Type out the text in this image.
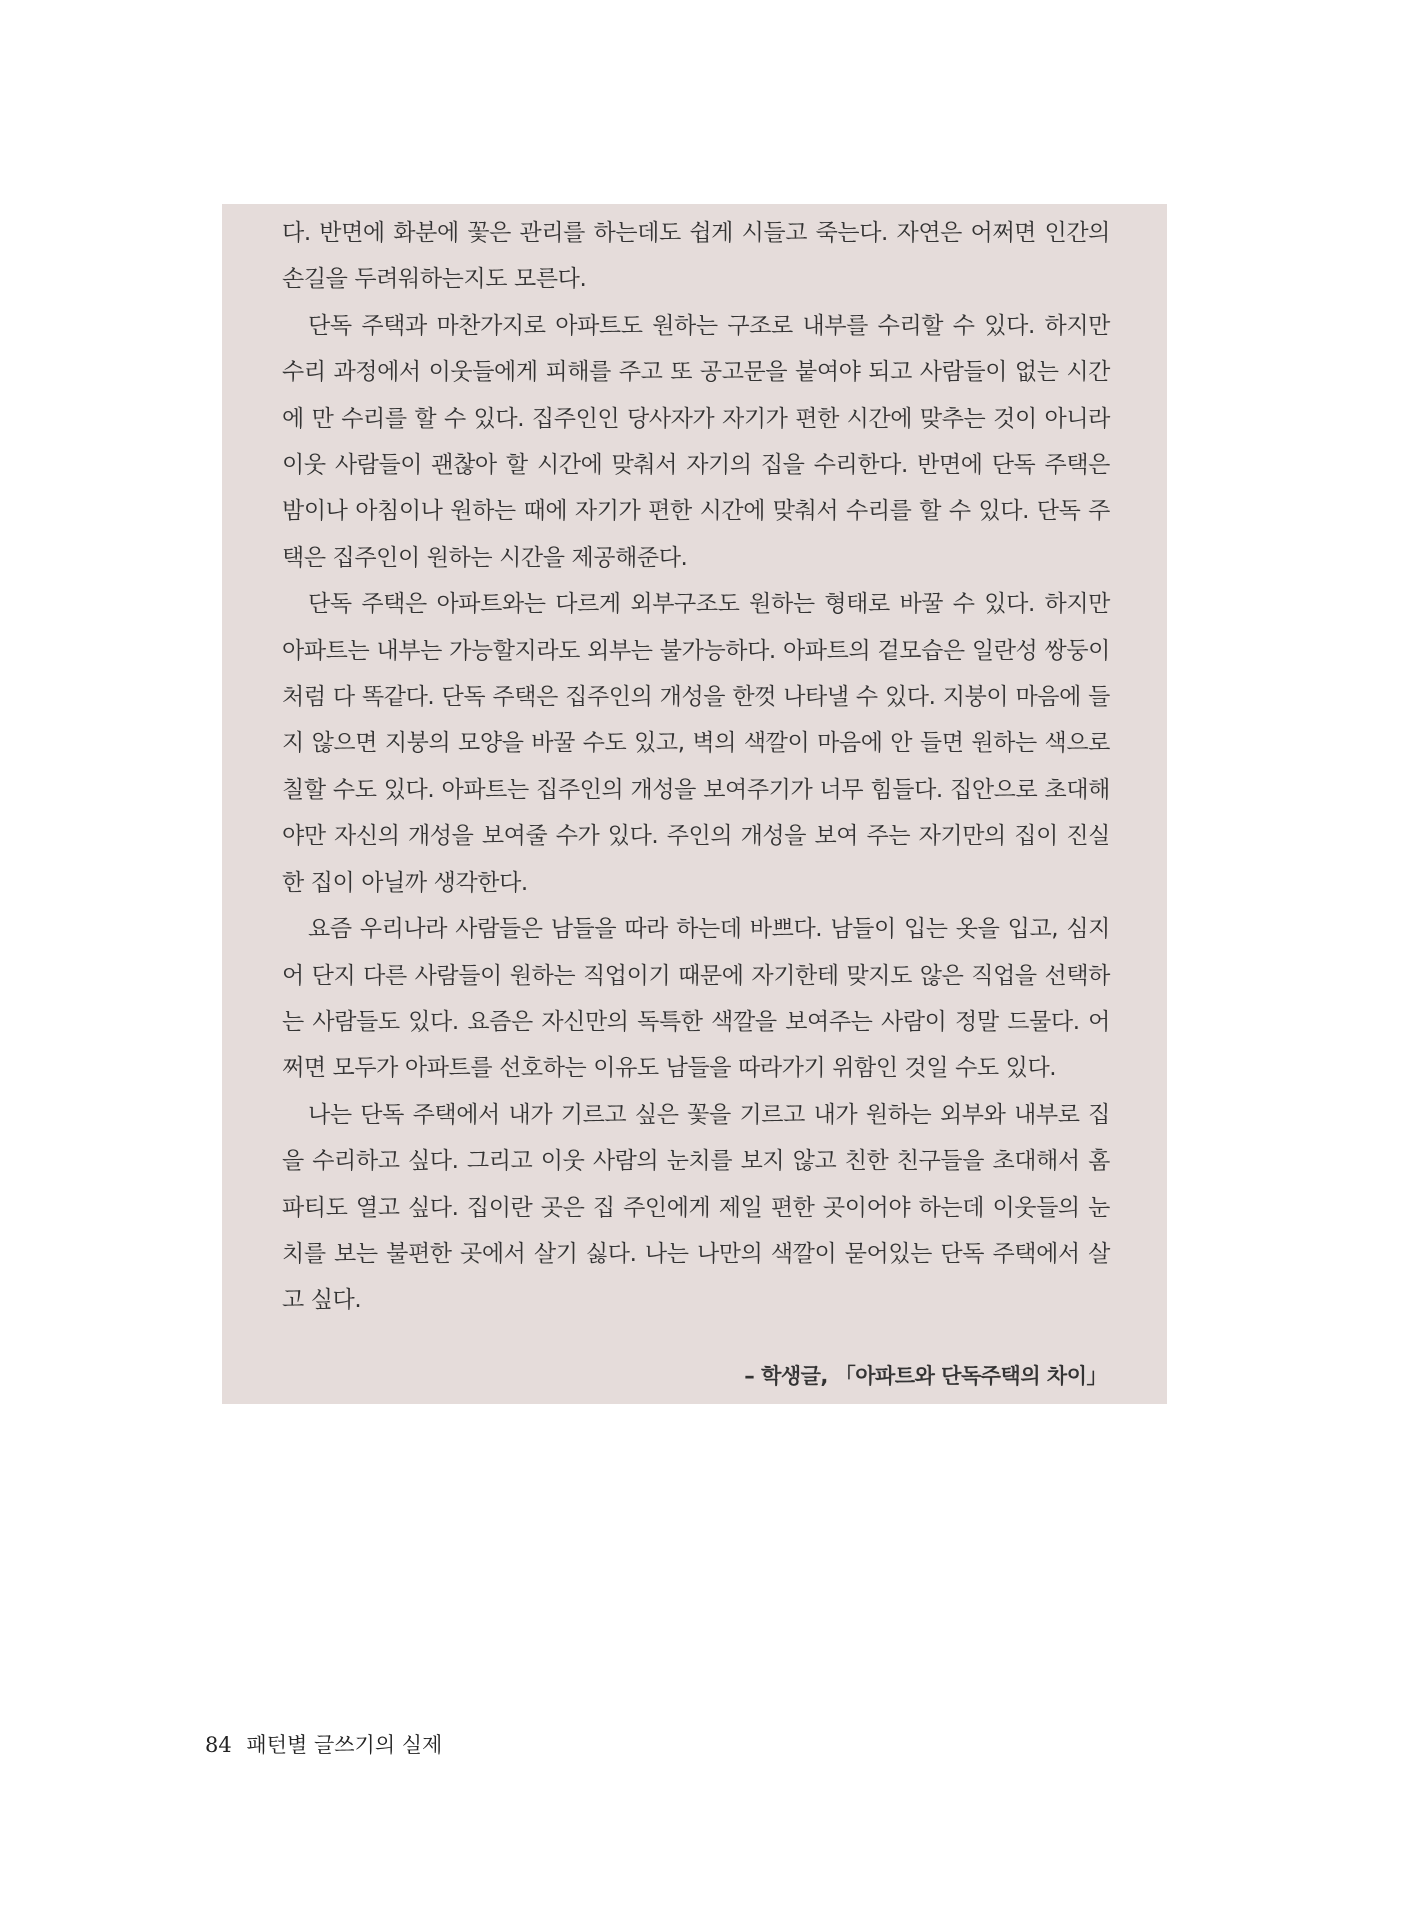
다. 반면에 화분에 꽃은 관리를 하는데도 쉽게 시들고 죽는다. 자연은 어쩌면 인간의 손길을 두려워하는지도 모른다.

단독 주택과 마찬가지로 아파트도 원하는 구조로 내부를 수리할 수 있다. 하지만 수리 과정에서 이웃들에게 피해를 주고 또 공고문을 붙여야 되고 사람들이 없는 시간에 만 수리를 할 수 있다. 집주인인 당사자가 자기가 편한 시간에 맞추는 것이 아니라 이웃 사람들이 괜찮아 할 시간에 맞춰서 자기의 집을 수리한다. 반면에 단독 주택은 밤이나 아침이나 원하는 때에 자기가 편한 시간에 맞춰서 수리를 할 수 있다. 단독 주택은 집주인이 원하는 시간을 제공해준다.

단독 주택은 아파트와는 다르게 외부구조도 원하는 형태로 바꿀 수 있다. 하지만 아파트는 내부는 가능할지라도 외부는 불가능하다. 아파트의 겉모습은 일란성 쌍둥이처럼 다 똑같다. 단독 주택은 집주인의 개성을 한껏 나타낼 수 있다. 지붕이 마음에 들지 않으면 지붕의 모양을 바꿀 수도 있고, 벽의 색깔이 마음에 안 들면 원하는 색으로 칠할 수도 있다. 아파트는 집주인의 개성을 보여주기가 너무 힘들다. 집안으로 초대해야만 자신의 개성을 보여줄 수가 있다. 주인의 개성을 보여 주는 자기만의 집이 진실한 집이 아닐까 생각한다.

요즘 우리나라 사람들은 남들을 따라 하는데 바쁘다. 남들이 입는 옷을 입고, 심지어 단지 다른 사람들이 원하는 직업이기 때문에 자기한테 맞지도 않은 직업을 선택하는 사람들도 있다. 요즘은 자신만의 독특한 색깔을 보여주는 사람이 정말 드물다. 어쩌면 모두가 아파트를 선호하는 이유도 남들을 따라가기 위함인 것일 수도 있다.

나는 단독 주택에서 내가 기르고 싶은 꽃을 기르고 내가 원하는 외부와 내부로 집을 수리하고 싶다. 그리고 이웃 사람의 눈치를 보지 않고 친한 친구들을 초대해서 홈파티도 열고 싶다. 집이란 곳은 집 주인에게 제일 편한 곳이어야 하는데 이웃들의 눈치를 보는 불편한 곳에서 살기 싫다. 나는 나만의 색깔이 묻어있는 단독 주택에서 살고 싶다.

– 학생글, 「아파트와 단독주택의 차이」
84 패턴별 글쓰기의 실제
